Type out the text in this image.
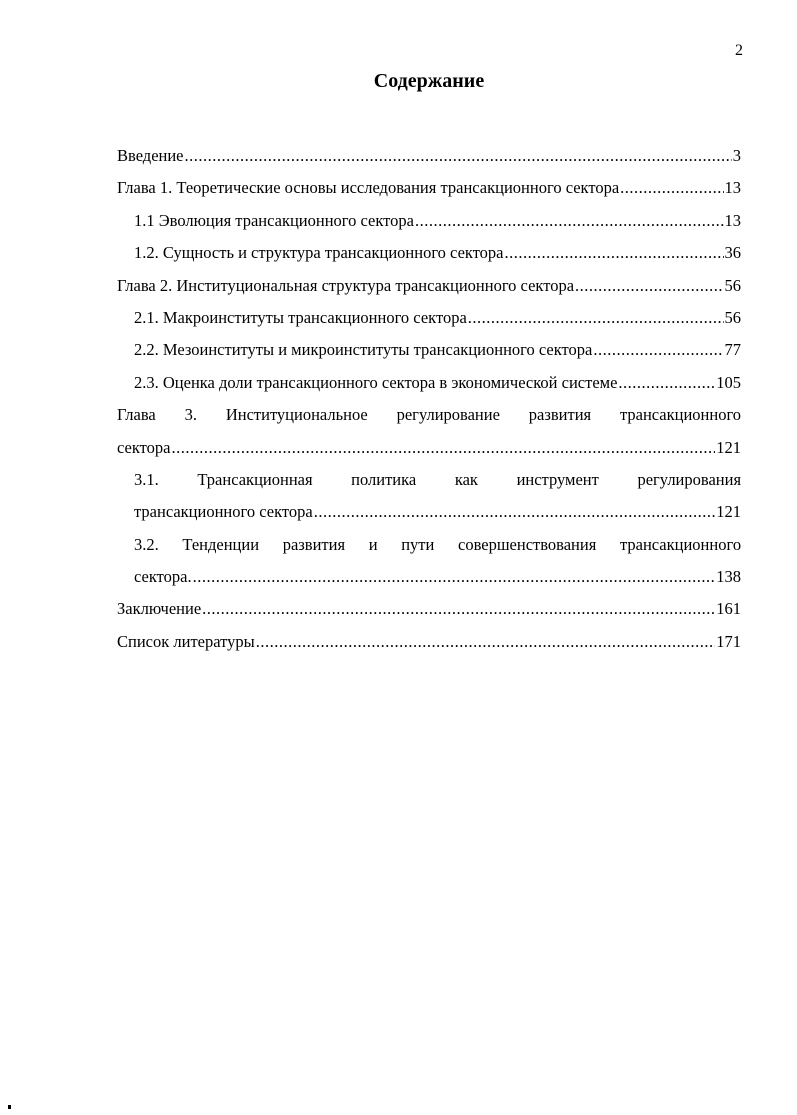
2
Содержание
Введение .....	3
Глава 1. Теоретические основы исследования трансакционного сектора .....	13
1.1 Эволюция трансакционного сектора .....	13
1.2. Сущность и структура трансакционного сектора .....	36
Глава 2. Институциональная структура трансакционного сектора .....	56
2.1. Макроинституты трансакционного сектора .....	56
2.2. Мезоинституты и микроинституты трансакционного сектора .....	77
2.3. Оценка доли трансакционного сектора в экономической системе .....	105
Глава 3. Институциональное регулирование развития трансакционного
сектора .....	121
3.1. Трансакционная политика как инструмент регулирования
трансакционного сектора .....	121
3.2. Тенденции развития и пути совершенствования трансакционного
сектора. .....	138
Заключение .....	161
Список литературы .....	171
